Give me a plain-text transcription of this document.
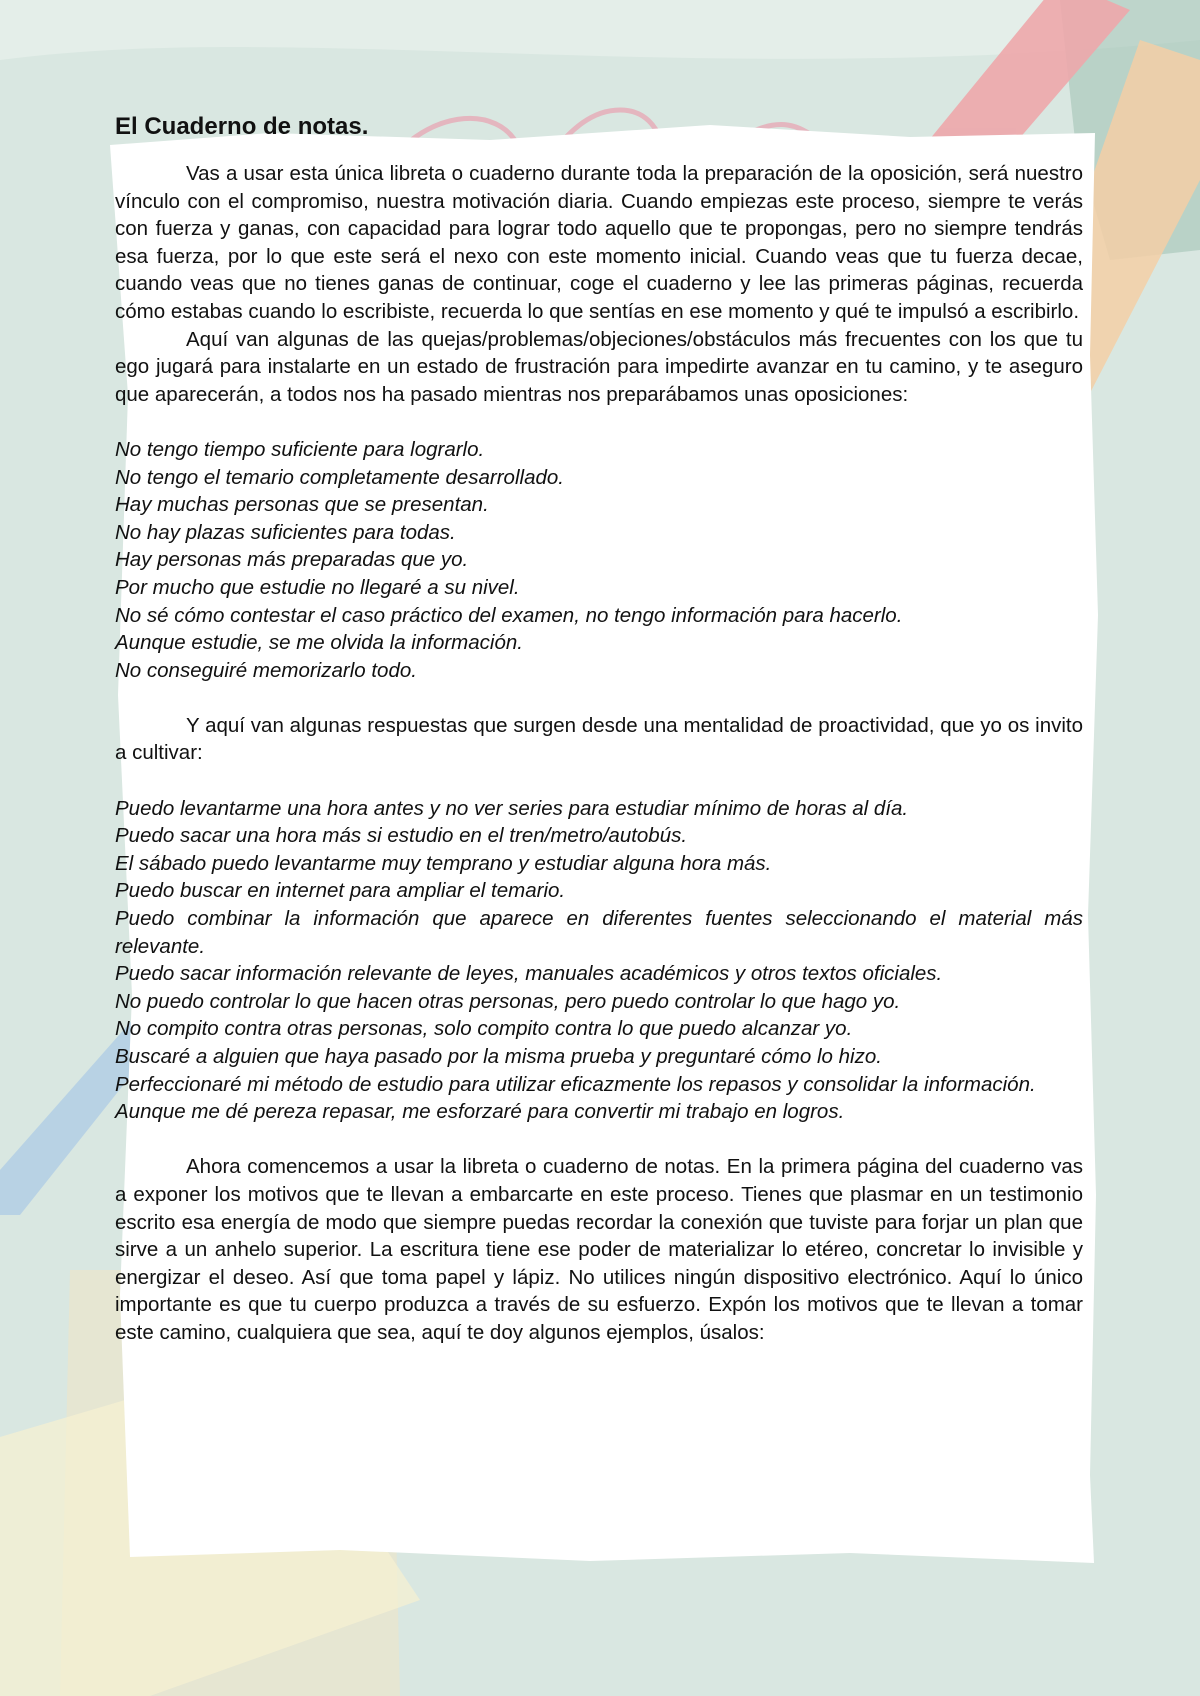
El Cuaderno de notas.

Vas a usar esta única libreta o cuaderno durante toda la preparación de la oposición, será nuestro vínculo con el compromiso, nuestra motivación diaria. Cuando empiezas este proceso, siempre te verás con fuerza y ganas, con capacidad para lograr todo aquello que te propongas, pero no siempre tendrás esa fuerza, por lo que este será el nexo con este momento inicial. Cuando veas que tu fuerza decae, cuando veas que no tienes ganas de continuar, coge el cuaderno y lee las primeras páginas, recuerda cómo estabas cuando lo escribiste, recuerda lo que sentías en ese momento y qué te impulsó a escribirlo.

Aquí van algunas de las quejas/problemas/objeciones/obstáculos más frecuentes con los que tu ego jugará para instalarte en un estado de frustración para impedirte avanzar en tu camino, y te aseguro que aparecerán, a todos nos ha pasado mientras nos preparábamos unas oposiciones:

No tengo tiempo suficiente para lograrlo.
No tengo el temario completamente desarrollado.
Hay muchas personas que se presentan.
No hay plazas suficientes para todas.
Hay personas más preparadas que yo.
Por mucho que estudie no llegaré a su nivel.
No sé cómo contestar el caso práctico del examen, no tengo información para hacerlo.
Aunque estudie, se me olvida la información.
No conseguiré memorizarlo todo.

Y aquí van algunas respuestas que surgen desde una mentalidad de proactividad, que yo os invito a cultivar:

Puedo levantarme una hora antes y no ver series para estudiar mínimo de horas al día.
Puedo sacar una hora más si estudio en el tren/metro/autobús.
El sábado puedo levantarme muy temprano y estudiar alguna hora más.
Puedo buscar en internet para ampliar el temario.
Puedo combinar la información que aparece en diferentes fuentes seleccionando el material más relevante.
Puedo sacar información relevante de leyes, manuales académicos y otros textos oficiales.
No puedo controlar lo que hacen otras personas, pero puedo controlar lo que hago yo.
No compito contra otras personas, solo compito contra lo que puedo alcanzar yo.
Buscaré a alguien que haya pasado por la misma prueba y preguntaré cómo lo hizo.
Perfeccionaré mi método de estudio para utilizar eficazmente los repasos y consolidar la información.
Aunque me dé pereza repasar, me esforzaré para convertir mi trabajo en logros.

Ahora comencemos a usar la libreta o cuaderno de notas. En la primera página del cuaderno vas a exponer los motivos que te llevan a embarcarte en este proceso. Tienes que plasmar en un testimonio escrito esa energía de modo que siempre puedas recordar la conexión que tuviste para forjar un plan que sirve a un anhelo superior. La escritura tiene ese poder de materializar lo etéreo, concretar lo invisible y energizar el deseo. Así que toma papel y lápiz. No utilices ningún dispositivo electrónico. Aquí lo único importante es que tu cuerpo produzca a través de su esfuerzo. Expón los motivos que te llevan a tomar este camino, cualquiera que sea, aquí te doy algunos ejemplos, úsalos:
